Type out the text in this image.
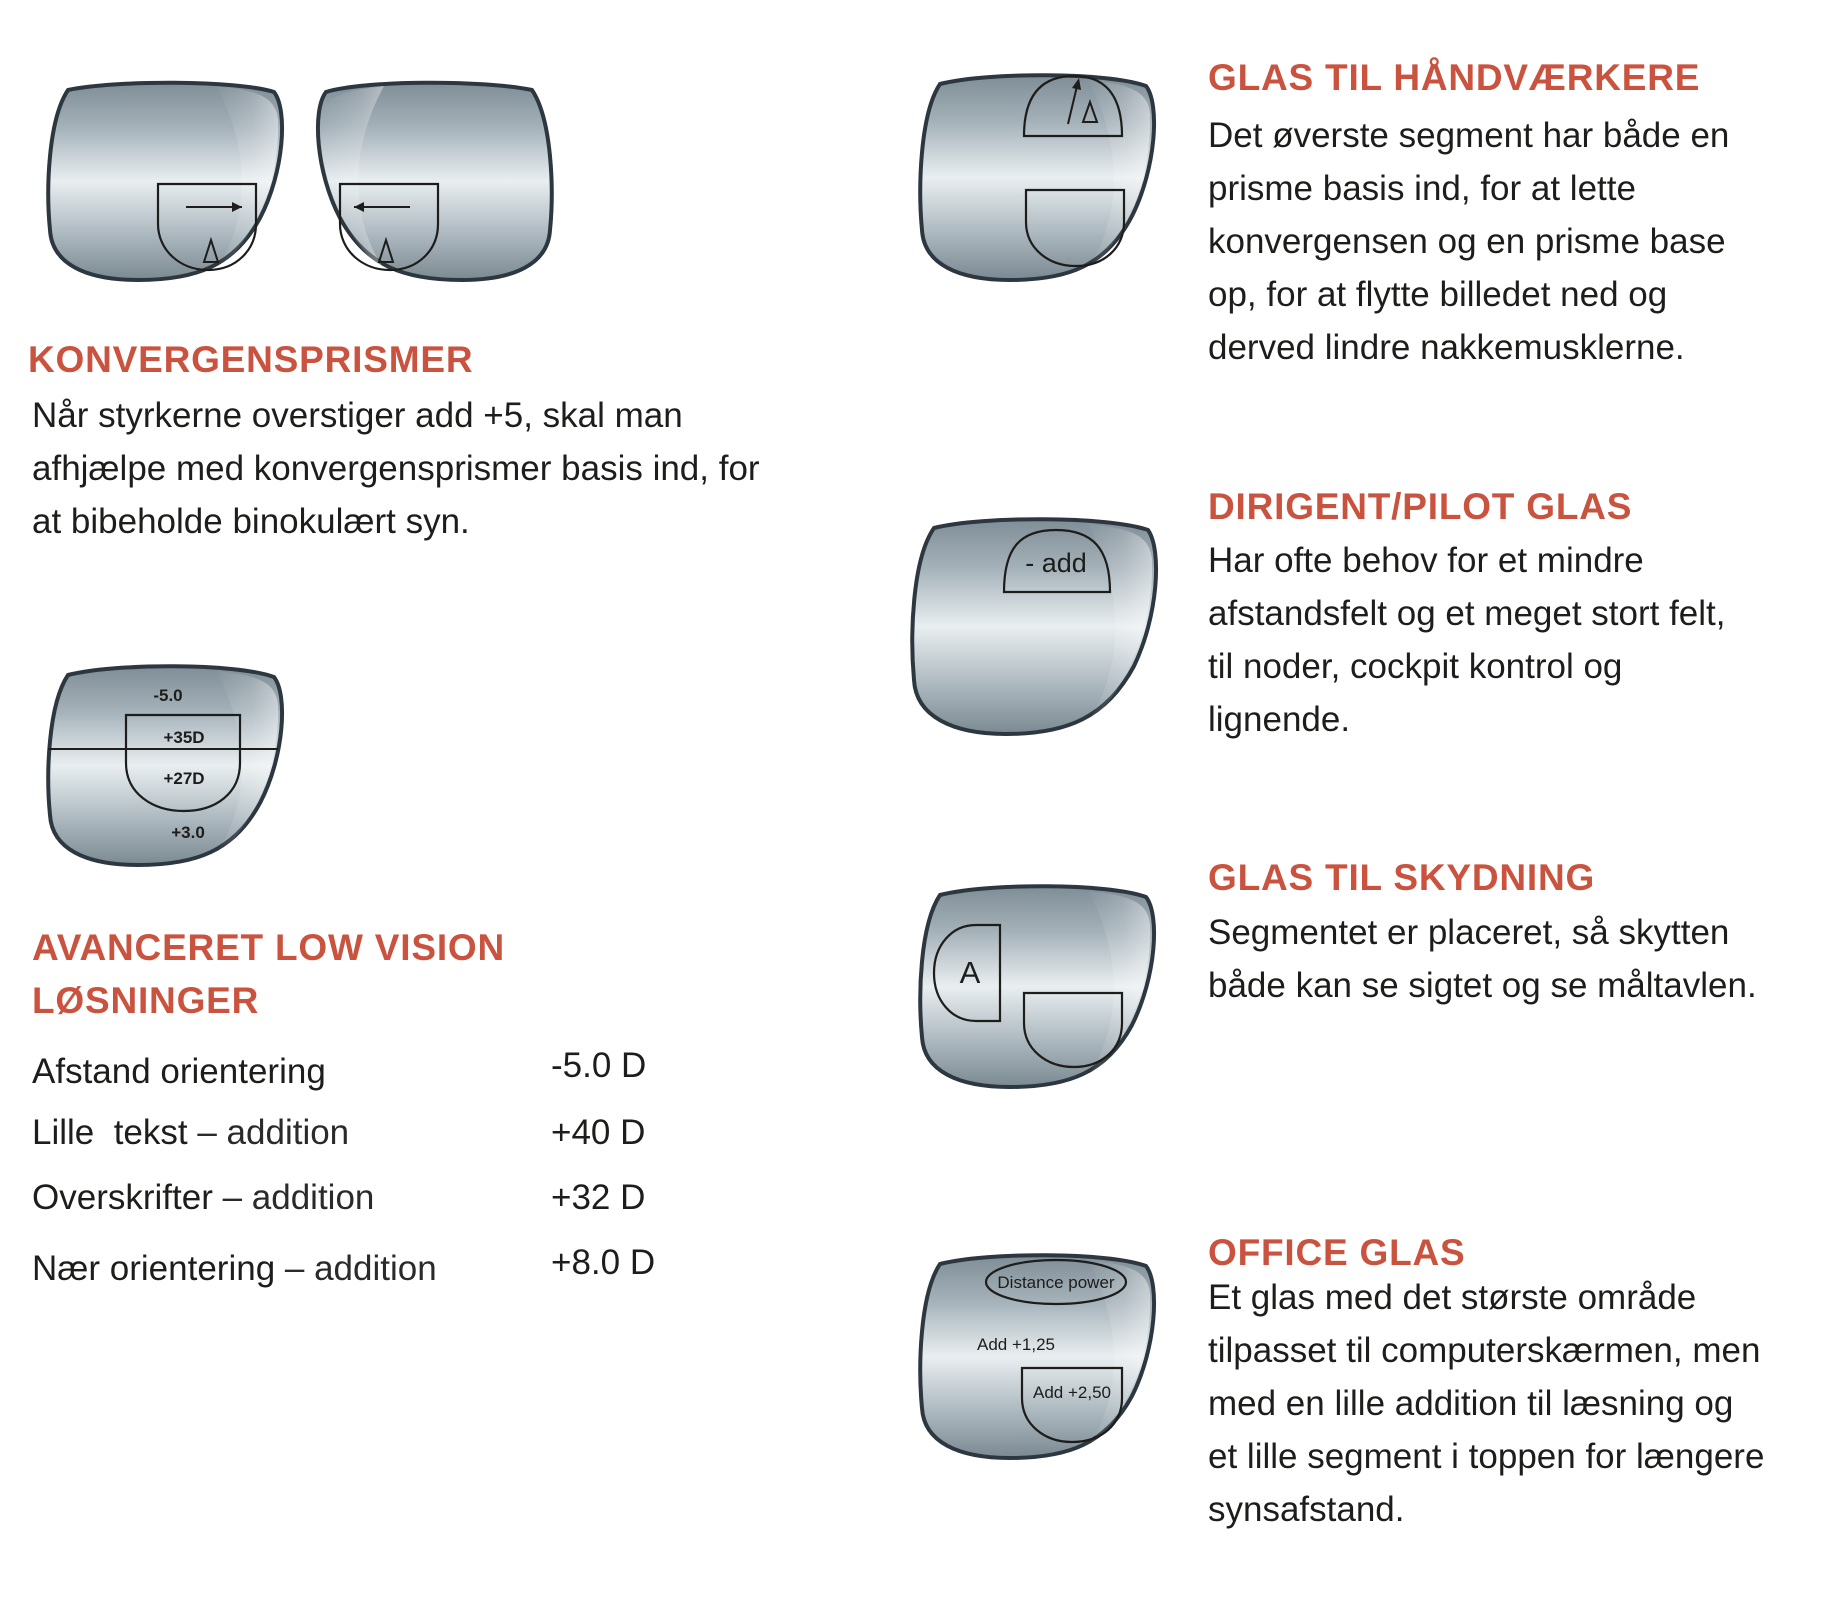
KONVERGENSPRISMER

Når styrkerne overstiger add +5, skal man

afhjælpe med konvergensprismer basis ind, for

at bibeholde binokulært syn.

-5.0
+35D
+27D
+3.0
AVANCERET LOW VISION
LØSNINGER
Afstand orientering	-5.0 D
Lille  tekst – addition	+40 D
Overskrifter – addition	+32 D
Nær orientering – addition	+8.0 D
GLAS TIL HÅNDVÆRKERE

Det øverste segment har både en

prisme basis ind, for at lette

konvergensen og en prisme base

op, for at flytte billedet ned og

derved lindre nakkemusklerne.

- add
DIRIGENT/PILOT GLAS

Har ofte behov for et mindre

afstandsfelt og et meget stort felt,

til noder, cockpit kontrol og

lignende.

A
GLAS TIL SKYDNING

Segmentet er placeret, så skytten

både kan se sigtet og se måltavlen.

Distance power
Add +1,25
Add +2,50
OFFICE GLAS

Et glas med det største område

tilpasset til computerskærmen, men

med en lille addition til læsning og

et lille segment i toppen for længere

synsafstand.
